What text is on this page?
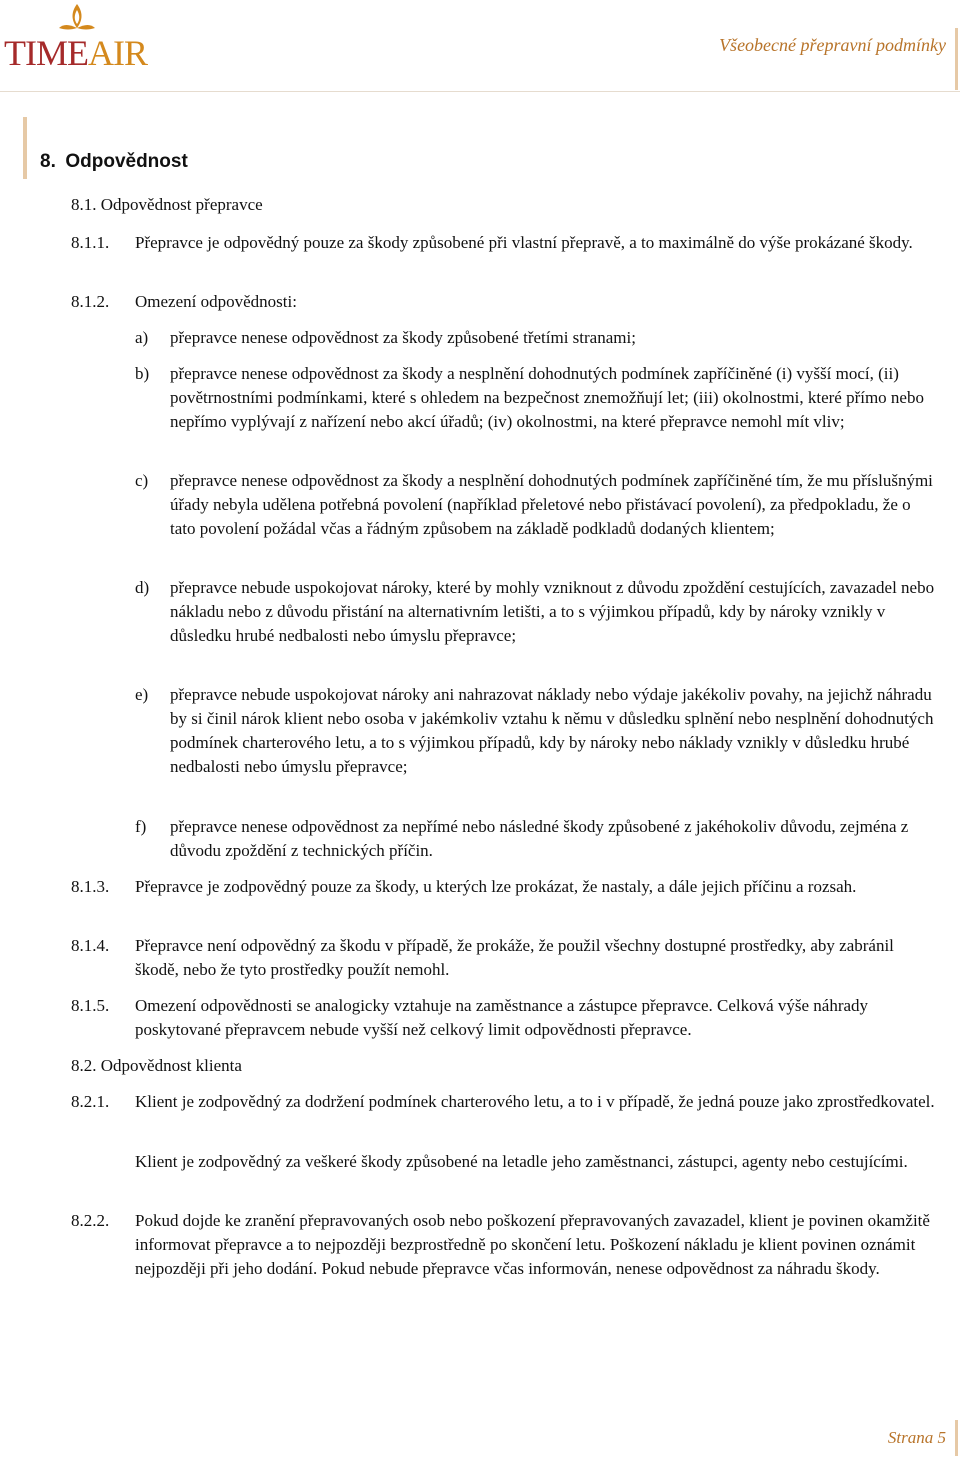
TIMEAIR	Všeobecné přepravní podmínky
8. Odpovědnost
8.1. Odpovědnost přepravce
8.1.1. Přepravce je odpovědný pouze za škody způsobené při vlastní přepravě, a to maximálně do výše prokázané škody.
8.1.2. Omezení odpovědnosti:
a) přepravce nenese odpovědnost za škody způsobené třetími stranami;
b) přepravce nenese odpovědnost za škody a nesplnění dohodnutých podmínek zapříčiněné (i) vyšší mocí, (ii) povětrnostními podmínkami, které s ohledem na bezpečnost znemožňují let; (iii) okolnostmi, které přímo nebo nepřímo vyplývají z nařízení nebo akcí úřadů; (iv) okolnostmi, na které přepravce nemohl mít vliv;
c) přepravce nenese odpovědnost za škody a nesplnění dohodnutých podmínek zapříčiněné tím, že mu příslušnými úřady nebyla udělena potřebná povolení (například přeletové nebo přistávací povolení), za předpokladu, že o tato povolení požádal včas a řádným způsobem na základě podkladů dodaných klientem;
d) přepravce nebude uspokojovat nároky, které by mohly vzniknout z důvodu zpoždění cestujících, zavazadel nebo nákladu nebo z důvodu přistání na alternativním letišti, a to s výjimkou případů, kdy by nároky vznikly v důsledku hrubé nedbalosti nebo úmyslu přepravce;
e) přepravce nebude uspokojovat nároky ani nahrazovat náklady nebo výdaje jakékoliv povahy, na jejichž náhradu by si činil nárok klient nebo osoba v jakémkoliv vztahu k němu v důsledku splnění nebo nesplnění dohodnutých podmínek charterového letu, a to s výjimkou případů, kdy by nároky nebo náklady vznikly v důsledku hrubé nedbalosti nebo úmyslu přepravce;
f) přepravce nenese odpovědnost za nepřímé nebo následné škody způsobené z jakéhokoliv důvodu, zejména z důvodu zpoždění z technických příčin.
8.1.3. Přepravce je zodpovědný pouze za škody, u kterých lze prokázat, že nastaly, a dále jejich příčinu a rozsah.
8.1.4. Přepravce není odpovědný za škodu v případě, že prokáže, že použil všechny dostupné prostředky, aby zabránil škodě, nebo že tyto prostředky použít nemohl.
8.1.5. Omezení odpovědnosti se analogicky vztahuje na zaměstnance a zástupce přepravce. Celková výše náhrady poskytované přepravcem nebude vyšší než celkový limit odpovědnosti přepravce.
8.2. Odpovědnost klienta
8.2.1. Klient je zodpovědný za dodržení podmínek charterového letu, a to i v případě, že jedná pouze jako zprostředkovatel.
Klient je zodpovědný za veškeré škody způsobené na letadle jeho zaměstnanci, zástupci, agenty nebo cestujícími.
8.2.2. Pokud dojde ke zranění přepravovaných osob nebo poškození přepravovaných zavazadel, klient je povinen okamžitě informovat přepravce a to nejpozději bezprostředně po skončení letu. Poškození nákladu je klient povinen oznámit nejpozději při jeho dodání. Pokud nebude přepravce včas informován, nenese odpovědnost za náhradu škody.
Strana 5
